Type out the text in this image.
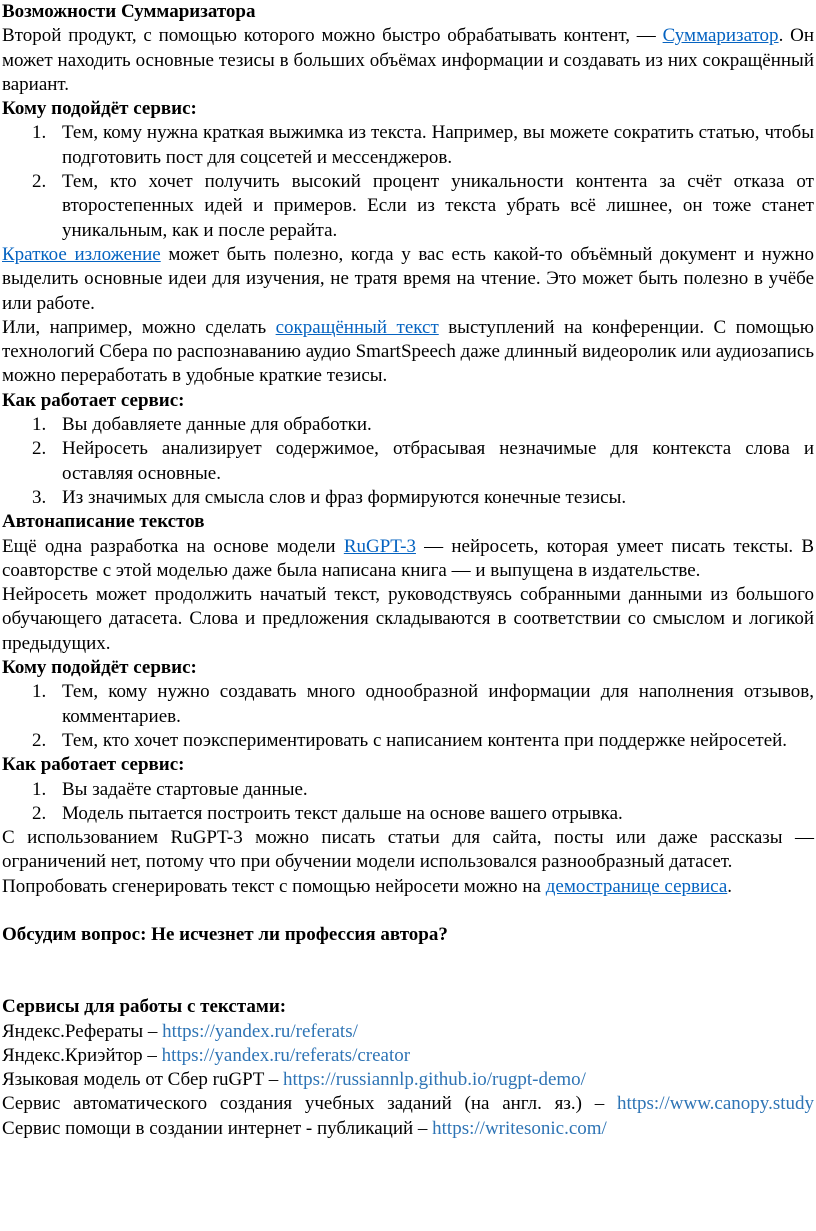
Возможности Суммаризатора

Второй продукт, с помощью которого можно быстро обрабатывать контент, — Суммаризатор. Он может находить основные тезисы в больших объёмах информации и создавать из них сокращённый вариант.

Кому подойдёт сервис:

1. Тем, кому нужна краткая выжимка из текста. Например, вы можете сократить статью, чтобы подготовить пост для соцсетей и мессенджеров.
2. Тем, кто хочет получить высокий процент уникальности контента за счёт отказа от второстепенных идей и примеров. Если из текста убрать всё лишнее, он тоже станет уникальным, как и после рерайта.

Краткое изложение может быть полезно, когда у вас есть какой-то объёмный документ и нужно выделить основные идеи для изучения, не тратя время на чтение. Это может быть полезно в учёбе или работе.

Или, например, можно сделать сокращённый текст выступлений на конференции. С помощью технологий Сбера по распознаванию аудио SmartSpeech даже длинный видеоролик или аудиозапись можно переработать в удобные краткие тезисы.

Как работает сервис:

1. Вы добавляете данные для обработки.
2. Нейросеть анализирует содержимое, отбрасывая незначимые для контекста слова и оставляя основные.
3. Из значимых для смысла слов и фраз формируются конечные тезисы.

Автонаписание текстов

Ещё одна разработка на основе модели RuGPT-3 — нейросеть, которая умеет писать тексты. В соавторстве с этой моделью даже была написана книга — и выпущена в издательстве.

Нейросеть может продолжить начатый текст, руководствуясь собранными данными из большого обучающего датасета. Слова и предложения складываются в соответствии со смыслом и логикой предыдущих.

Кому подойдёт сервис:

1. Тем, кому нужно создавать много однообразной информации для наполнения отзывов, комментариев.
2. Тем, кто хочет поэкспериментировать с написанием контента при поддержке нейросетей.

Как работает сервис:

1. Вы задаёте стартовые данные.
2. Модель пытается построить текст дальше на основе вашего отрывка.

С использованием RuGPT-3 можно писать статьи для сайта, посты или даже рассказы — ограничений нет, потому что при обучении модели использовался разнообразный датасет.

Попробовать сгенерировать текст с помощью нейросети можно на демостранице сервиса.

Обсудим вопрос: Не исчезнет ли профессия автора?

Сервисы для работы с текстами:

Яндекс.Рефераты – https://yandex.ru/referats/

Яндекс.Криэйтор – https://yandex.ru/referats/creator

Языковая модель от Сбер ruGPT – https://russiannlp.github.io/rugpt-demo/

Сервис автоматического создания учебных заданий (на англ. яз.) – https://www.canopy.study

Сервис помощи в создании интернет - публикаций – https://writesonic.com/
